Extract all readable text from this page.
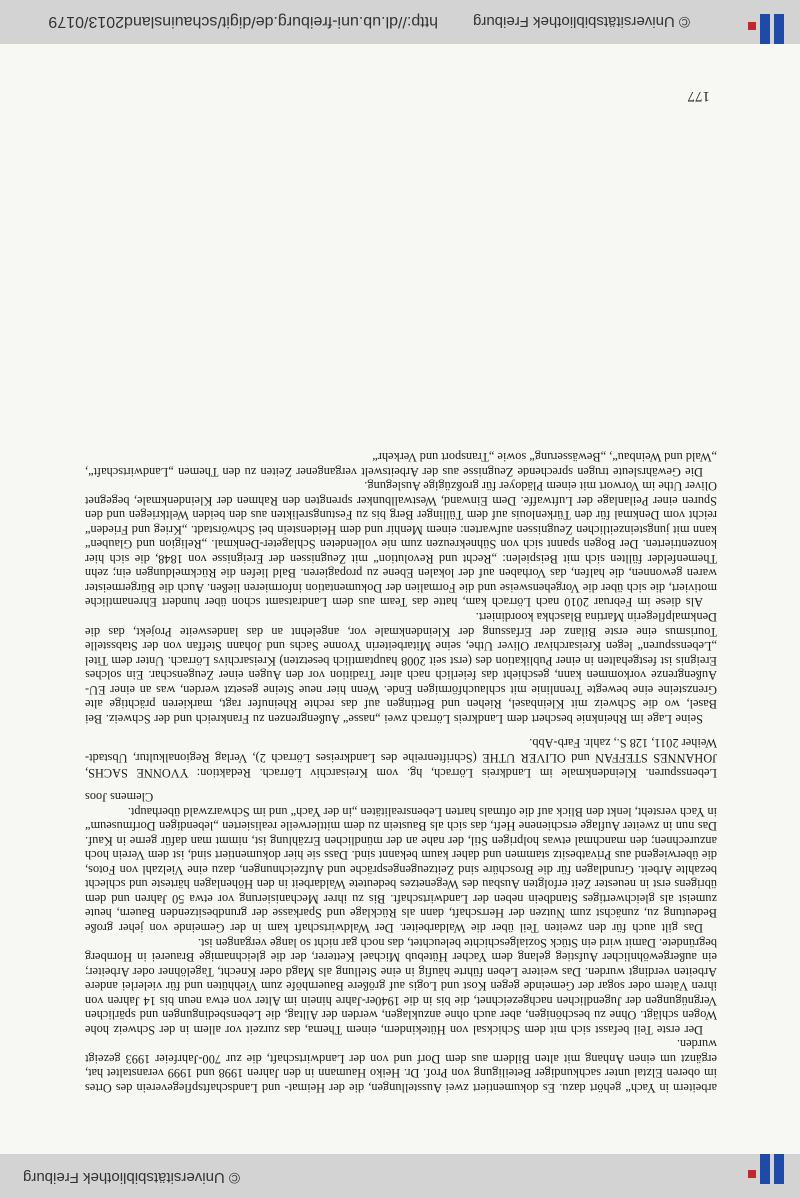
© Universitätsbibliothek Freiburg
http://dl.ub.uni-freiburg.de/digit/schauinsland2013/0179 © Universitätsbibliothek Freiburg
177

arbeitern in Yach“ gehört dazu. Es dokumentiert zwei Ausstellungen, die der Heimat- und Landschaftspflegeverein des Ortes im oberen Elztal unter sachkundiger Beteiligung von Prof. Dr. Heiko Haumann in den Jahren 1998 und 1999 veranstaltet hat, ergänzt um einen Anhang mit alten Bildern aus dem Dorf und von der Landwirtschaft, die zur 700-Jahrfeier 1993 gezeigt wurden.

Der erste Teil befasst sich mit dem Schicksal von Hütekindern, einem Thema, das zurzeit vor allem in der Schweiz hohe Wogen schlägt. Ohne zu beschönigen, aber auch ohne anzuklagen, werden der Alltag, die Lebensbedingungen und spärlichen Vergnügungen der Jugendlichen nachgezeichnet, die bis in die 1940er-Jahre hinein im Alter von etwa neun bis 14 Jahren von ihren Vätern oder sogar der Gemeinde gegen Kost und Logis auf größere Bauernhöfe zum Viehhüten und für vielerlei andere Arbeiten verdingt wurden. Das weitere Leben führte häufig in eine Stellung als Magd oder Knecht, Tagelöhner oder Arbeiter; ein außergewöhnlicher Aufstieg gelang dem Yacher Hütebub Michael Ketterer, der die gleichnamige Brauerei in Hornberg begründete. Damit wird ein Stück Sozialgeschichte beleuchtet, das noch gar nicht so lange vergangen ist.

Das gilt auch für den zweiten Teil über die Waldarbeiter. Der Waldwirtschaft kam in der Gemeinde von jeher große Bedeutung zu, zunächst zum Nutzen der Herrschaft, dann als Rücklage und Sparkasse der grundbesitzenden Bauern, heute zumeist als gleichwertiges Standbein neben der Landwirtschaft. Bis zu ihrer Mechanisierung vor etwa 50 Jahren und dem übrigens erst in neuester Zeit erfolgten Ausbau des Wegenetzes bedeutete Waldarbeit in den Höhenlagen härteste und schlecht bezahlte Arbeit. Grundlagen für die Broschüre sind Zeitzeugengespräche und Aufzeichnungen, dazu eine Vielzahl von Fotos, die überwiegend aus Privatbesitz stammen und daher kaum bekannt sind. Dass sie hier dokumentiert sind, ist dem Verein hoch anzurechnen; den manchmal etwas holprigen Stil, der nahe an der mündlichen Erzählung ist, nimmt man dafür gerne in Kauf. Das nun in zweiter Auflage erschienene Heft, das sich als Baustein zu dem mittlerweile realisierten „lebendigen Dorfmuseum“ in Yach versteht, lenkt den Blick auf die oftmals harten Lebensrealitäten „in der Yach“ und im Schwarzwald überhaupt.

Clemens Joos

Lebensspuren. Kleindenkmale im Landkreis Lörrach, hg. vom Kreisarchiv Lörrach. Redaktion: YVONNE SACHS, JOHANNES STEFFAN und OLIVER UTHE (Schriftenreihe des Landkreises Lörrach 2), Verlag Regionalkultur, Ubstadt-Weiher 2011, 128 S., zahlr. Farb-Abb.

Seine Lage im Rheinknie beschert dem Landkreis Lörrach zwei „nasse“ Außengrenzen zu Frankreich und der Schweiz. Bei Basel, wo die Schweiz mit Kleinbasel, Riehen und Bettingen auf das rechte Rheinufer ragt, markieren prächtige alte Grenzsteine eine bewegte Trennlinie mit schlauchförmigen Ende. Wenn hier neue Steine gesetzt werden, was an einer EU-Außengrenze vorkommen kann, geschieht das feierlich nach alter Tradition vor den Augen einer Zeugenschar. Ein solches Ereignis ist festgehalten in einer Publikation des (erst seit 2008 hauptamtlich besetzten) Kreisarchivs Lörrach. Unter dem Titel „Lebensspuren“ legen Kreisarchivar Oliver Uthe, seine Mitarbeiterin Yvonne Sachs und Johann Steffan von der Stabsstelle Tourismus eine erste Bilanz der Erfassung der Kleindenkmale vor, angelehnt an das landesweite Projekt, das die Denkmalpflegerin Martina Blaschka koordiniert.

Als diese im Februar 2010 nach Lörrach kam, hatte das Team aus dem Landratsamt schon über hundert Ehrenamtliche motiviert, die sich über die Vorgehensweise und die Formalien der Dokumentation informieren ließen. Auch die Bürgermeister waren gewonnen, die halfen, das Vorhaben auf der lokalen Ebene zu propagieren. Bald liefen die Rückmeldungen ein; zehn Themenfelder füllten sich mit Beispielen: „Recht und Revolution“ mit Zeugnissen der Ereignisse von 1848, die sich hier konzentrierten. Der Bogen spannt sich von Sühnekreuzen zum nie vollendeten Schlageter-Denkmal. „Religion und Glauben“ kann mit jungsteinzeitlichen Zeugnissen aufwarten: einem Menhir und dem Heidenstein bei Schwörstadt. „Krieg und Frieden“ reicht vom Denkmal für den Türkenlouis auf dem Tüllinger Berg bis zu Festungsrelikten aus den beiden Weltkriegen und den Spuren einer Peilanlage der Luftwaffe. Dem Einwand, Westwallbunker sprengten den Rahmen der Kleindenkmale, begegnet Oliver Uthe im Vorwort mit einem Plädoyer für großzügige Auslegung.

Die Gewährsleute trugen sprechende Zeugnisse aus der Arbeitswelt vergangener Zeiten zu den Themen „Landwirtschaft“, „Wald und Weinbau“, „Bewässerung“ sowie „Transport und Verkehr“
